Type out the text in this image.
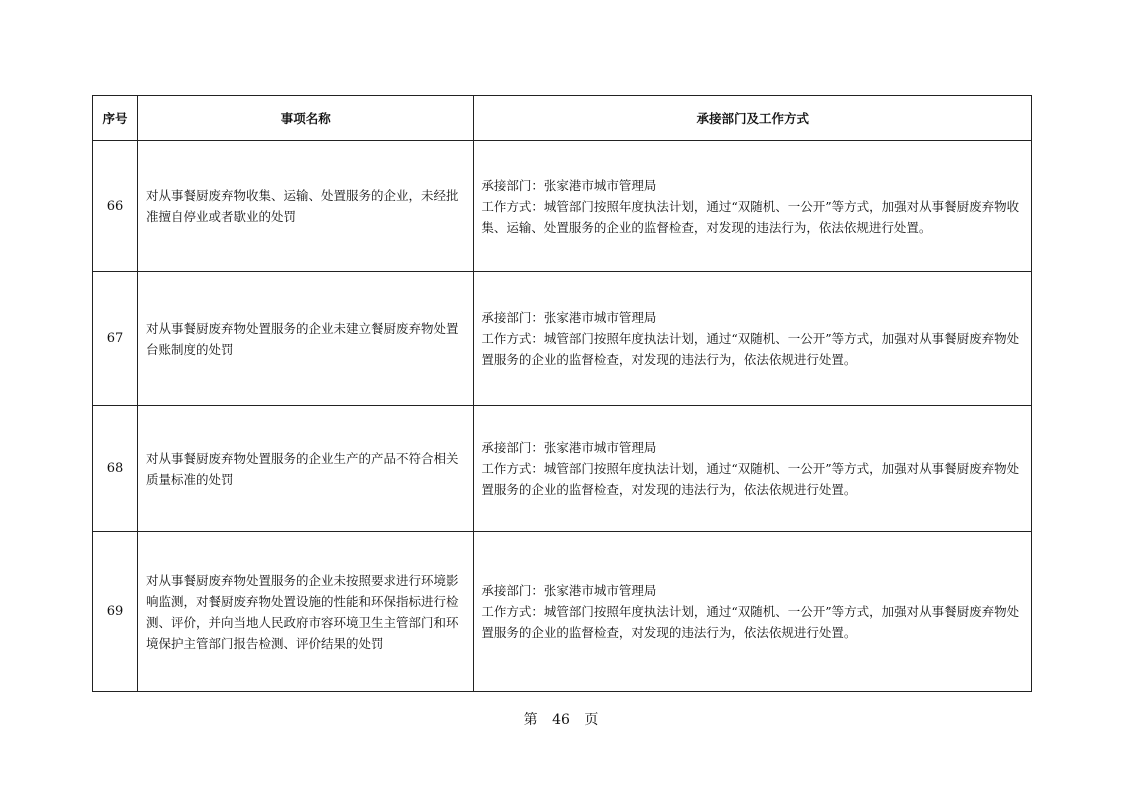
序号	事项名称	承接部门及工作方式
66	对从事餐厨废弃物收集、运输、处置服务的企业，未经批准擅自停业或者歇业的处罚	承接部门：张家港市城市管理局
工作方式：城管部门按照年度执法计划，通过“双随机、一公开”等方式，加强对从事餐厨废弃物收集、运输、处置服务的企业的监督检查，对发现的违法行为，依法依规进行处置。

67	对从事餐厨废弃物处置服务的企业未建立餐厨废弃物处置台账制度的处罚	承接部门：张家港市城市管理局
工作方式：城管部门按照年度执法计划，通过“双随机、一公开”等方式，加强对从事餐厨废弃物处置服务的企业的监督检查，对发现的违法行为，依法依规进行处置。

68	对从事餐厨废弃物处置服务的企业生产的产品不符合相关质量标准的处罚	承接部门：张家港市城市管理局
工作方式：城管部门按照年度执法计划，通过“双随机、一公开”等方式，加强对从事餐厨废弃物处置服务的企业的监督检查，对发现的违法行为，依法依规进行处置。

69	对从事餐厨废弃物处置服务的企业未按照要求进行环境影响监测，对餐厨废弃物处置设施的性能和环保指标进行检测、评价，并向当地人民政府市容环境卫生主管部门和环境保护主管部门报告检测、评价结果的处罚	承接部门：张家港市城市管理局
工作方式：城管部门按照年度执法计划，通过“双随机、一公开”等方式，加强对从事餐厨废弃物处置服务的企业的监督检查，对发现的违法行为，依法依规进行处置。
第 46 页
